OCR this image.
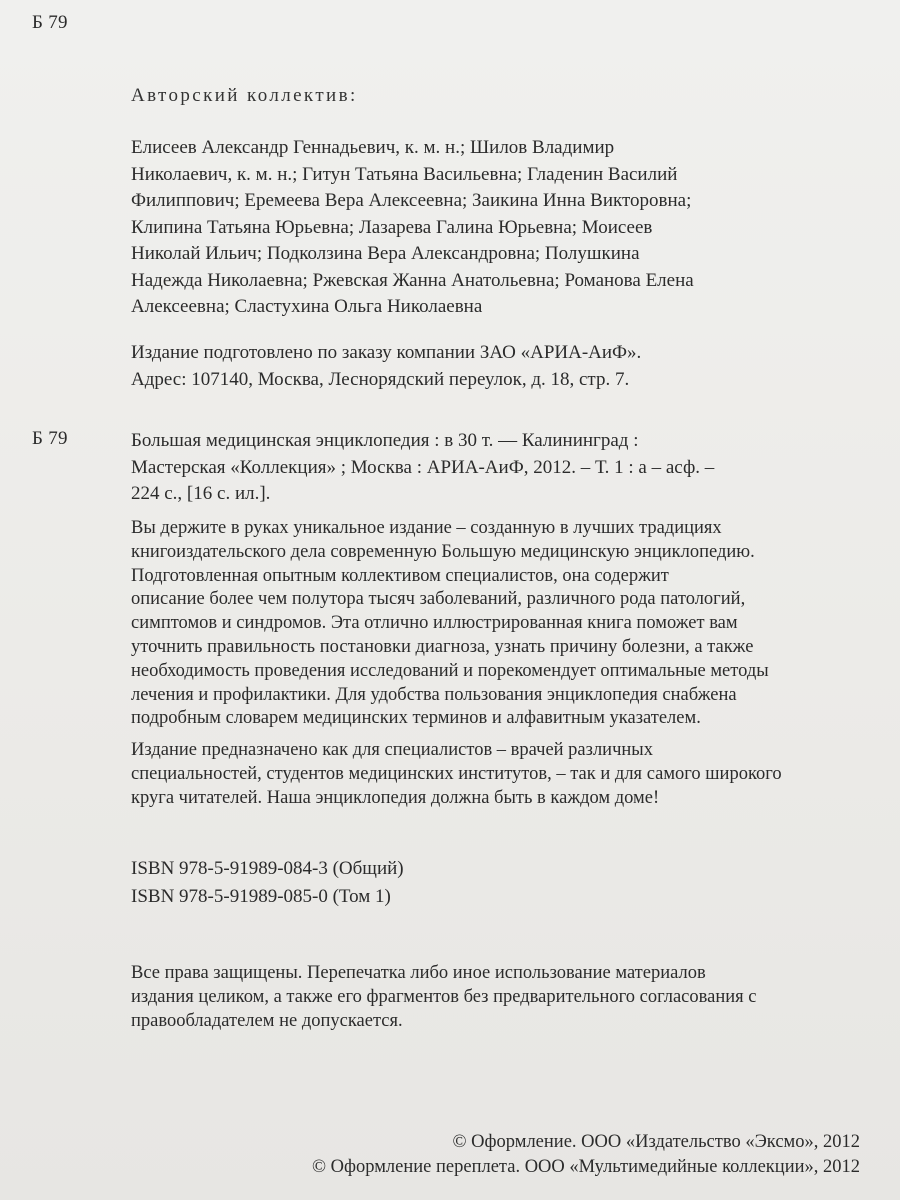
Б 79
Авторский коллектив:
Елисеев Александр Геннадьевич, к. м. н.; Шилов Владимир
Николаевич, к. м. н.; Гитун Татьяна Васильевна; Гладенин Василий
Филиппович; Еремеева Вера Алексеевна; Заикина Инна Викторовна;
Клипина Татьяна Юрьевна; Лазарева Галина Юрьевна; Моисеев
Николай Ильич; Подколзина Вера Александровна; Полушкина
Надежда Николаевна; Ржевская Жанна Анатольевна; Романова Елена
Алексеевна; Сластухина Ольга Николаевна
Издание подготовлено по заказу компании ЗАО «АРИА-АиФ».
Адрес: 107140, Москва, Леснорядский переулок, д. 18, стр. 7.
Б 79	Большая медицинская энциклопедия : в 30 т. — Калининград :
Мастерская «Коллекция» ; Москва : АРИА-АиФ, 2012. – Т. 1 : а – асф. –
224 с., [16 с. ил.].
Вы держите в руках уникальное издание – созданную в лучших традициях
книгоиздательского дела современную Большую медицинскую энциклопедию.
Подготовленная опытным коллективом специалистов, она содержит
описание более чем полутора тысяч заболеваний, различного рода патологий,
симптомов и синдромов. Эта отлично иллюстрированная книга поможет вам
уточнить правильность постановки диагноза, узнать причину болезни, а также
необходимость проведения исследований и порекомендует оптимальные методы
лечения и профилактики. Для удобства пользования энциклопедия снабжена
подробным словарем медицинских терминов и алфавитным указателем.
Издание предназначено как для специалистов – врачей различных
специальностей, студентов медицинских институтов, – так и для самого широкого
круга читателей. Наша энциклопедия должна быть в каждом доме!
ISBN 978-5-91989-084-3 (Общий)
ISBN 978-5-91989-085-0 (Том 1)
Все права защищены. Перепечатка либо иное использование материалов
издания целиком, а также его фрагментов без предварительного согласования с
правообладателем не допускается.
© Оформление. ООО «Издательство «Эксмо», 2012
© Оформление переплета. ООО «Мультимедийные коллекции», 2012
